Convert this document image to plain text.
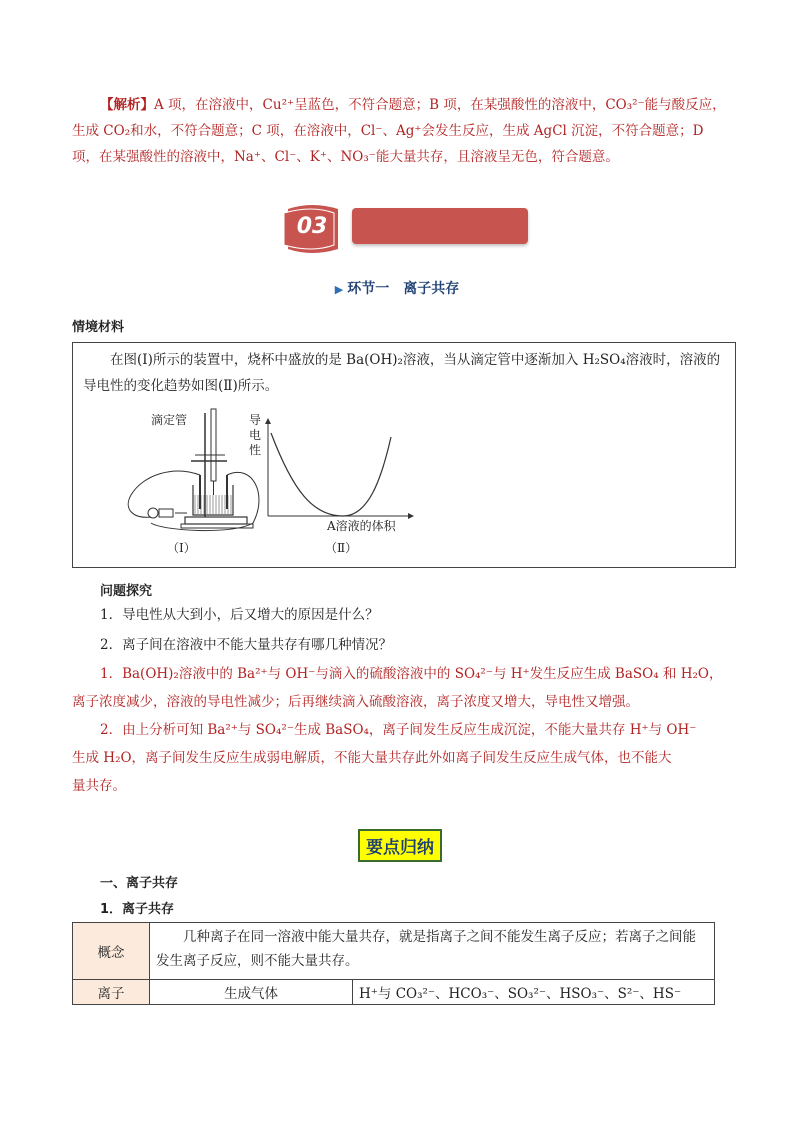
【解析】A 项，在溶液中，Cu²⁺呈蓝色，不符合题意；B 项，在某强酸性的溶液中，CO₃²⁻能与酸反应，
生成 CO₂和水，不符合题意；C 项，在溶液中，Cl⁻、Ag⁺会发生反应，生成 AgCl 沉淀，不符合题意；D
项，在某强酸性的溶液中，Na⁺、Cl⁻、K⁺、NO₃⁻能大量共存，且溶液呈无色，符合题意。
03
▶ 环节一　离子共存
情境材料
在图(Ⅰ)所示的装置中，烧杯中盛放的是 Ba(OH)₂溶液，当从滴定管中逐渐加入 H₂SO₄溶液时，溶液的导电性的变化趋势如图(Ⅱ)所示。
滴定管
（Ⅰ）
导
电
性
A溶液的体积
（Ⅱ）
问题探究
1．导电性从大到小，后又增大的原因是什么？
2．离子间在溶液中不能大量共存有哪几种情况？
1．Ba(OH)₂溶液中的 Ba²⁺与 OH⁻与滴入的硫酸溶液中的 SO₄²⁻与 H⁺发生反应生成 BaSO₄ 和 H₂O，
离子浓度减少，溶液的导电性减少；后再继续滴入硫酸溶液，离子浓度又增大，导电性又增强。
2．由上分析可知 Ba²⁺与 SO₄²⁻生成 BaSO₄，离子间发生反应生成沉淀，不能大量共存 H⁺与 OH⁻
生成 H₂O，离子间发生反应生成弱电解质，不能大量共存此外如离子间发生反应生成气体，也不能大
量共存。
要点归纳
一、离子共存
1．离子共存
概念	几种离子在同一溶液中能大量共存，就是指离子之间不能发生离子反应；若离子之间能发生离子反应，则不能大量共存。	
离子	生成气体	H⁺与 CO₃²⁻、HCO₃⁻、SO₃²⁻、HSO₃⁻、S²⁻、HS⁻
